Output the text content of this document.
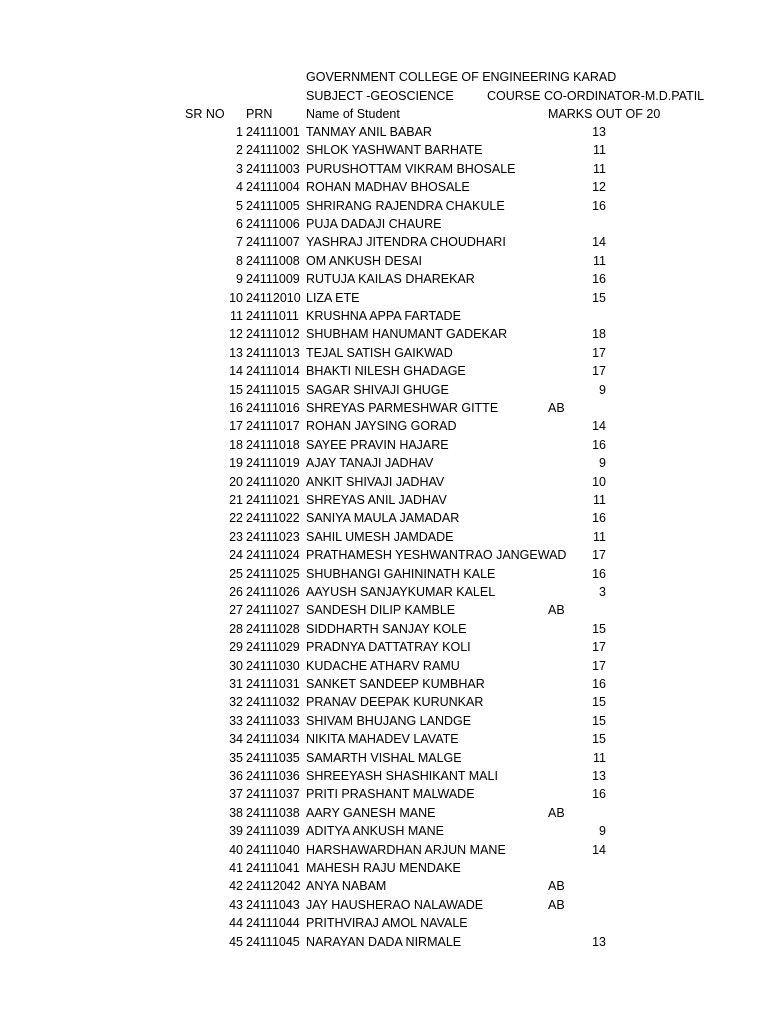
GOVERNMENT COLLEGE OF ENGINEERING KARAD
SUBJECT -GEOSCIENCE	COURSE CO-ORDINATOR-M.D.PATIL
SR NO PRN	Name of Student	MARKS OUT OF 20
1 24111001 TANMAY ANIL BABAR	13
2 24111002 SHLOK YASHWANT BARHATE	11
3 24111003 PURUSHOTTAM VIKRAM BHOSALE	11
4 24111004 ROHAN MADHAV BHOSALE	12
5 24111005 SHRIRANG RAJENDRA CHAKULE	16
6 24111006 PUJA DADAJI CHAURE
7 24111007 YASHRAJ JITENDRA CHOUDHARI	14
8 24111008 OM ANKUSH DESAI	11
9 24111009 RUTUJA KAILAS DHAREKAR	16
10 24112010 LIZA ETE	15
11 24111011 KRUSHNA APPA FARTADE
12 24111012 SHUBHAM HANUMANT GADEKAR	18
13 24111013 TEJAL SATISH GAIKWAD	17
14 24111014 BHAKTI NILESH GHADAGE	17
15 24111015 SAGAR SHIVAJI GHUGE	9
16 24111016 SHREYAS PARMESHWAR GITTE	AB
17 24111017 ROHAN JAYSING GORAD	14
18 24111018 SAYEE PRAVIN HAJARE	16
19 24111019 AJAY TANAJI JADHAV	9
20 24111020 ANKIT SHIVAJI JADHAV	10
21 24111021 SHREYAS ANIL JADHAV	11
22 24111022 SANIYA MAULA JAMADAR	16
23 24111023 SAHIL UMESH JAMDADE	11
24 24111024 PRATHAMESH YESHWANTRAO JANGEWAD	17
25 24111025 SHUBHANGI GAHININATH KALE	16
26 24111026 AAYUSH SANJAYKUMAR KALEL	3
27 24111027 SANDESH DILIP KAMBLE	AB
28 24111028 SIDDHARTH SANJAY KOLE	15
29 24111029 PRADNYA DATTATRAY KOLI	17
30 24111030 KUDACHE ATHARV RAMU	17
31 24111031 SANKET SANDEEP KUMBHAR	16
32 24111032 PRANAV DEEPAK KURUNKAR	15
33 24111033 SHIVAM BHUJANG LANDGE	15
34 24111034 NIKITA MAHADEV LAVATE	15
35 24111035 SAMARTH VISHAL MALGE	11
36 24111036 SHREEYASH SHASHIKANT MALI	13
37 24111037 PRITI PRASHANT MALWADE	16
38 24111038 AARY GANESH MANE	AB
39 24111039 ADITYA ANKUSH MANE	9
40 24111040 HARSHAWARDHAN ARJUN MANE	14
41 24111041 MAHESH RAJU MENDAKE
42 24112042 ANYA NABAM	AB
43 24111043 JAY HAUSHERAO NALAWADE	AB
44 24111044 PRITHVIRAJ AMOL NAVALE
45 24111045 NARAYAN DADA NIRMALE	13
